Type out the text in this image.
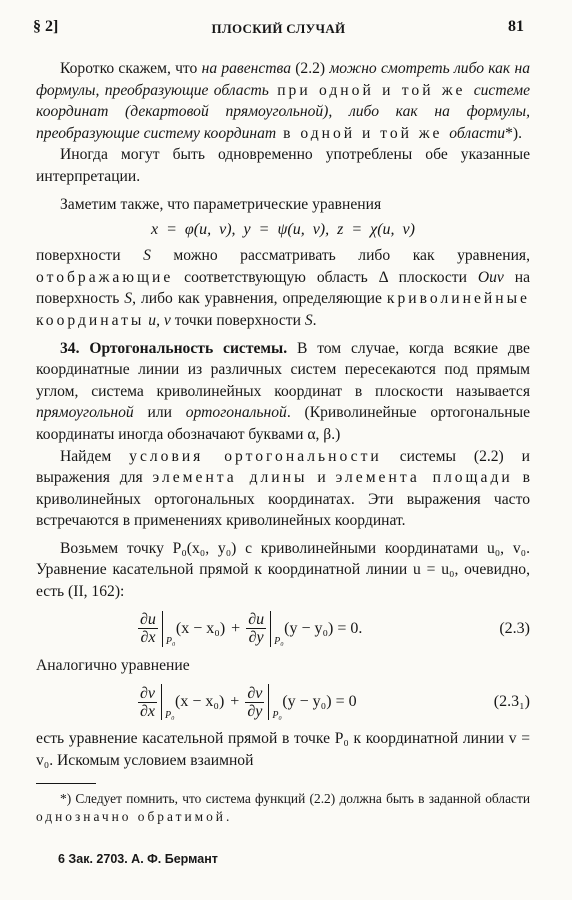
§ 2]	ПЛОСКИЙ СЛУЧАЙ	81

Коротко скажем, что на равенства (2.2) можно смотреть либо как на формулы, преобразующие область при одной и той же системе координат (декартовой прямоугольной), либо как на формулы, преобразующие систему координат в одной и той же области*).

Иногда могут быть одновременно употреблены обе указанные интерпретации.

Заметим также, что параметрические уравнения

x = φ(u, v), y = ψ(u, v), z = χ(u, v)

поверхности S можно рассматривать либо как уравнения, отображающие соответствующую область Δ плоскости Ouv на поверхность S, либо как уравнения, определяющие криволинейные координаты u, v точки поверхности S.

34. Ортогональность системы. В том случае, когда всякие две координатные линии из различных систем пересекаются под прямым углом, система криволинейных координат в плоскости называется прямоугольной или ортогональной. (Криволинейные ортогональные координаты иногда обозначают буквами α, β.)

Найдем условия ортогональности системы (2.2) и выражения для элемента длины и элемента площади в криволинейных ортогональных координатах. Эти выражения часто встречаются в применениях криволинейных координат.

Возьмем точку P₀(x₀, y₀) с криволинейными координатами u₀, v₀. Уравнение касательной прямой к координатной линии u = u₀, очевидно, есть (II, 162):

$\frac{\partial u}{\partial x} P_0$
$(x - x_0) + \frac{\partial u}{\partial y} P_0$
(y − y₀) = 0.	(2.3)

Аналогично уравнение

$\frac{\partial v}{\partial x} P_0$
$(x - x_0) + \frac{\partial v}{\partial y} P_0$
(y − y₀) = 0	(2.3₁)

есть уравнение касательной прямой в точке P₀ к координатной линии v = v₀. Искомым условием взаимной

*) Следует помнить, что система функций (2.2) должна быть в заданной области однозначно обратимой.

6 Зак. 2703. А. Ф. Бермант
